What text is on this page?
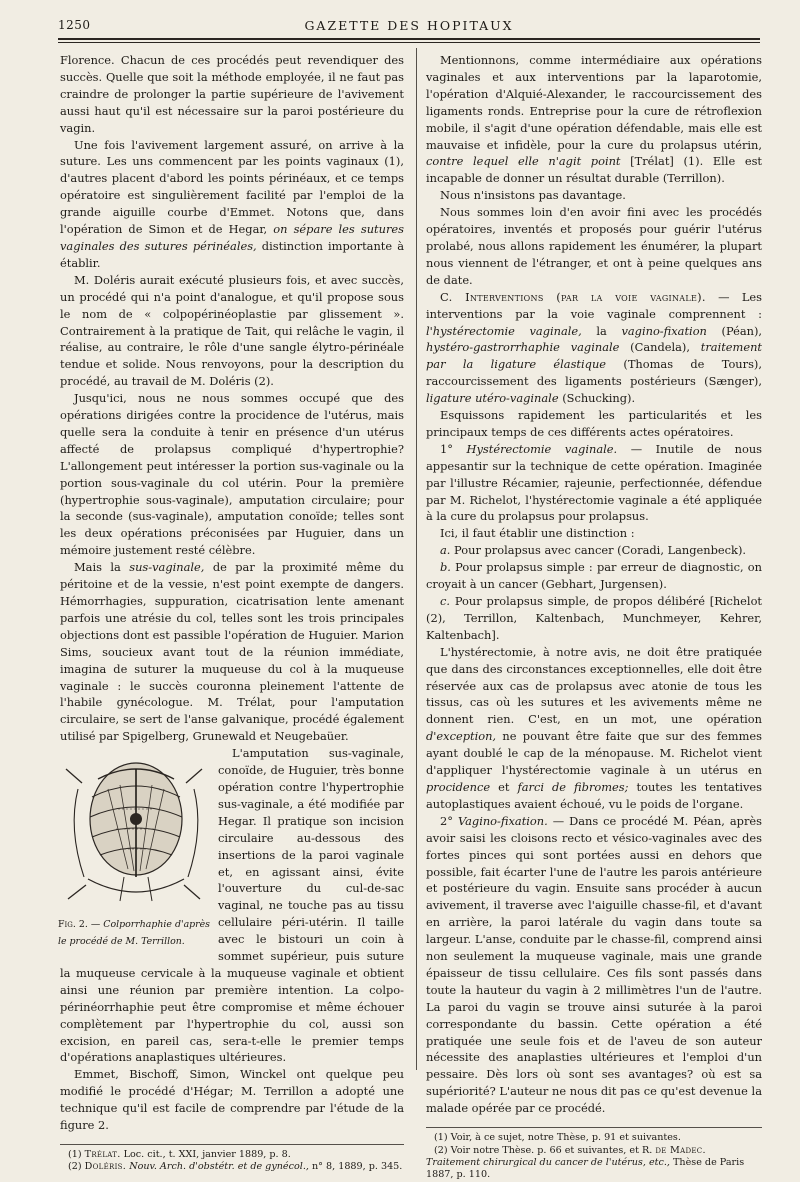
1250	GAZETTE DES HOPITAUX

Florence. Chacun de ces procédés peut revendiquer des succès. Quelle que soit la méthode employée, il ne faut pas craindre de prolonger la partie supérieure de l'avivement aussi haut qu'il est nécessaire sur la paroi postérieure du vagin.

Une fois l'avivement largement assuré, on arrive à la suture. Les uns commencent par les points vaginaux (1), d'autres placent d'abord les points périnéaux, et ce temps opératoire est singulièrement facilité par l'emploi de la grande aiguille courbe d'Emmet. Notons que, dans l'opération de Simon et de Hegar, on sépare les sutures vaginales des sutures périnéales, distinction importante à établir.

M. Doléris aurait exécuté plusieurs fois, et avec succès, un procédé qui n'a point d'analogue, et qu'il propose sous le nom de « colpopérinéoplastie par glissement ». Contrairement à la pratique de Tait, qui relâche le vagin, il réalise, au contraire, le rôle d'une sangle élytro-périnéale tendue et solide. Nous renvoyons, pour la description du procédé, au travail de M. Doléris (2).

Jusqu'ici, nous ne nous sommes occupé que des opérations dirigées contre la procidence de l'utérus, mais quelle sera la conduite à tenir en présence d'un utérus affecté de prolapsus compliqué d'hypertrophie? L'allongement peut intéresser la portion sus-vaginale ou la portion sous-vaginale du col utérin. Pour la première (hypertrophie sous-vaginale), amputation circulaire; pour la seconde (sus-vaginale), amputation conoïde; telles sont les deux opérations préconisées par Huguier, dans un mémoire justement resté célèbre.

Mais la sus-vaginale, de par la proximité même du péritoine et de la vessie, n'est point exempte de dangers. Hémorrhagies, suppuration, cicatrisation lente amenant parfois une atrésie du col, telles sont les trois principales objections dont est passible l'opération de Huguier. Marion Sims, soucieux avant tout de la réunion immédiate, imagina de suturer la muqueuse du col à la muqueuse vaginale : le succès couronna pleinement l'attente de l'habile gynécologue. M. Trélat, pour l'amputation circulaire, se sert de l'anse galvanique, procédé également utilisé par Spigelberg, Grunewald et Neugebaüer.

Fig. 2. — Colporrhaphie d'après le procédé de M. Terrillon.
L'amputation sus-vaginale, conoïde, de Huguier, très bonne opération contre l'hypertrophie sus-vaginale, a été modifiée par Hegar. Il pratique son incision circulaire au-dessous des insertions de la paroi vaginale et, en agissant ainsi, évite l'ouverture du cul-de-sac vaginal, ne touche pas au tissu cellulaire péri-utérin. Il taille avec le bistouri un coin à sommet supérieur, puis suture la muqueuse cervicale à la muqueuse vaginale et obtient ainsi une réunion par première intention. La colpo-périnéorrhaphie peut être compromise et même échouer complètement par l'hypertrophie du col, aussi son excision, en pareil cas, sera-t-elle le premier temps d'opérations anaplastiques ultérieures.

Emmet, Bischoff, Simon, Winckel ont quelque peu modifié le procédé d'Hégar; M. Terrillon a adopté une technique qu'il est facile de comprendre par l'étude de la figure 2.

(1) Trélat. Loc. cit., t. XXI, janvier 1889, p. 8.

(2) Doléris. Nouv. Arch. d'obstétr. et de gynécol., n° 8, 1889, p. 345.

Mentionnons, comme intermédiaire aux opérations vaginales et aux interventions par la laparotomie, l'opération d'Alquié-Alexander, le raccourcissement des ligaments ronds. Entreprise pour la cure de rétroflexion mobile, il s'agit d'une opération défendable, mais elle est mauvaise et infidèle, pour la cure du prolapsus utérin, contre lequel elle n'agit point [Trélat] (1). Elle est incapable de donner un résultat durable (Terrillon).

Nous n'insistons pas davantage.

Nous sommes loin d'en avoir fini avec les procédés opératoires, inventés et proposés pour guérir l'utérus prolabé, nous allons rapidement les énumérer, la plupart nous viennent de l'étranger, et ont à peine quelques ans de date.

C. Interventions (par la voie vaginale). — Les interventions par la voie vaginale comprennent : l'hystérectomie vaginale, la vagino-fixation (Péan), hystéro-gastrorrhaphie vaginale (Candela), traitement par la ligature élastique (Thomas de Tours), raccourcissement des ligaments postérieurs (Sænger), ligature utéro-vaginale (Schucking).

Esquissons rapidement les particularités et les principaux temps de ces différents actes opératoires.

1° Hystérectomie vaginale. — Inutile de nous appesantir sur la technique de cette opération. Imaginée par l'illustre Récamier, rajeunie, perfectionnée, défendue par M. Richelot, l'hystérectomie vaginale a été appliquée à la cure du prolapsus pour prolapsus.

Ici, il faut établir une distinction :

a. Pour prolapsus avec cancer (Coradi, Langenbeck).

b. Pour prolapsus simple : par erreur de diagnostic, on croyait à un cancer (Gebhart, Jurgensen).

c. Pour prolapsus simple, de propos délibéré [Richelot (2), Terrillon, Kaltenbach, Munchmeyer, Kehrer, Kaltenbach].

L'hystérectomie, à notre avis, ne doit être pratiquée que dans des circonstances exceptionnelles, elle doit être réservée aux cas de prolapsus avec atonie de tous les tissus, cas où les sutures et les avivements même ne donnent rien. C'est, en un mot, une opération d'exception, ne pouvant être faite que sur des femmes ayant doublé le cap de la ménopause. M. Richelot vient d'appliquer l'hystérectomie vaginale à un utérus en procidence et farci de fibromes; toutes les tentatives autoplastiques avaient échoué, vu le poids de l'organe.

2° Vagino-fixation. — Dans ce procédé M. Péan, après avoir saisi les cloisons recto et vésico-vaginales avec des fortes pinces qui sont portées aussi en dehors que possible, fait écarter l'une de l'autre les parois antérieure et postérieure du vagin. Ensuite sans procéder à aucun avivement, il traverse avec l'aiguille chasse-fil, et d'avant en arrière, la paroi latérale du vagin dans toute sa largeur. L'anse, conduite par le chasse-fil, comprend ainsi non seulement la muqueuse vaginale, mais une grande épaisseur de tissu cellulaire. Ces fils sont passés dans toute la hauteur du vagin à 2 millimètres l'un de l'autre. La paroi du vagin se trouve ainsi suturée à la paroi correspondante du bassin. Cette opération a été pratiquée une seule fois et de l'aveu de son auteur nécessite des anaplasties ultérieures et l'emploi d'un pessaire. Dès lors où sont ses avantages? où est sa supériorité? L'auteur ne nous dit pas ce qu'est devenue la malade opérée par ce procédé.

(1) Voir, à ce sujet, notre Thèse, p. 91 et suivantes.

(2) Voir notre Thèse. p. 66 et suivantes, et R. de Madec. Traitement chirurgical du cancer de l'utérus, etc., Thèse de Paris 1887, p. 110.
